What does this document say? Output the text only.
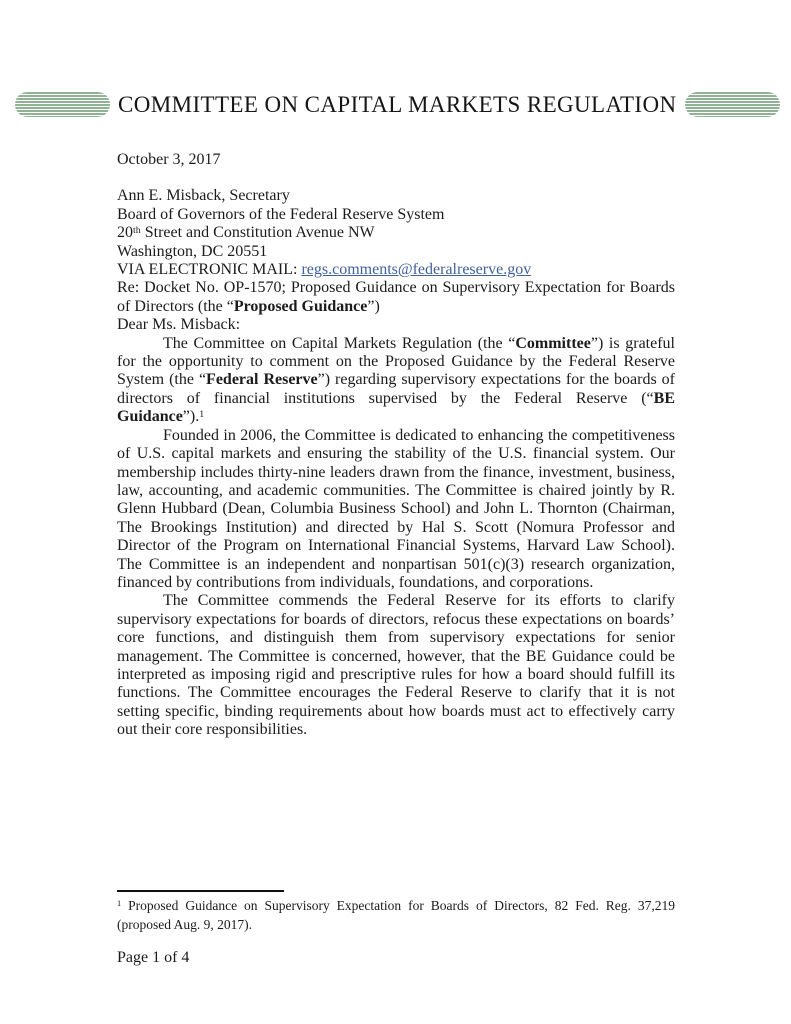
COMMITTEE ON CAPITAL MARKETS REGULATION

October 3, 2017

Ann E. Misback, Secretary

Board of Governors of the Federal Reserve System

20th Street and Constitution Avenue NW

Washington, DC 20551

VIA ELECTRONIC MAIL: regs.comments@federalreserve.gov

Re: Docket No. OP-1570; Proposed Guidance on Supervisory Expectation for Boards of Directors (the “Proposed Guidance”)

Dear Ms. Misback:

The Committee on Capital Markets Regulation (the “Committee”) is grateful for the opportunity to comment on the Proposed Guidance by the Federal Reserve System (the “Federal Reserve”) regarding supervisory expectations for the boards of directors of financial institutions supervised by the Federal Reserve (“BE Guidance”).$^1$

Founded in 2006, the Committee is dedicated to enhancing the competitiveness of U.S. capital markets and ensuring the stability of the U.S. financial system. Our membership includes thirty-nine leaders drawn from the finance, investment, business, law, accounting, and academic communities. The Committee is chaired jointly by R. Glenn Hubbard (Dean, Columbia Business School) and John L. Thornton (Chairman, The Brookings Institution) and directed by Hal S. Scott (Nomura Professor and Director of the Program on International Financial Systems, Harvard Law School). The Committee is an independent and nonpartisan 501(c)(3) research organization, financed by contributions from individuals, foundations, and corporations.

The Committee commends the Federal Reserve for its efforts to clarify supervisory expectations for boards of directors, refocus these expectations on boards’ core functions, and distinguish them from supervisory expectations for senior management. The Committee is concerned, however, that the BE Guidance could be interpreted as imposing rigid and prescriptive rules for how a board should fulfill its functions. The Committee encourages the Federal Reserve to clarify that it is not setting specific, binding requirements about how boards must act to effectively carry out their core responsibilities.

$^1$ Proposed Guidance on Supervisory Expectation for Boards of Directors, 82 Fed. Reg. 37,219 (proposed Aug. 9, 2017).

Page 1 of 4
